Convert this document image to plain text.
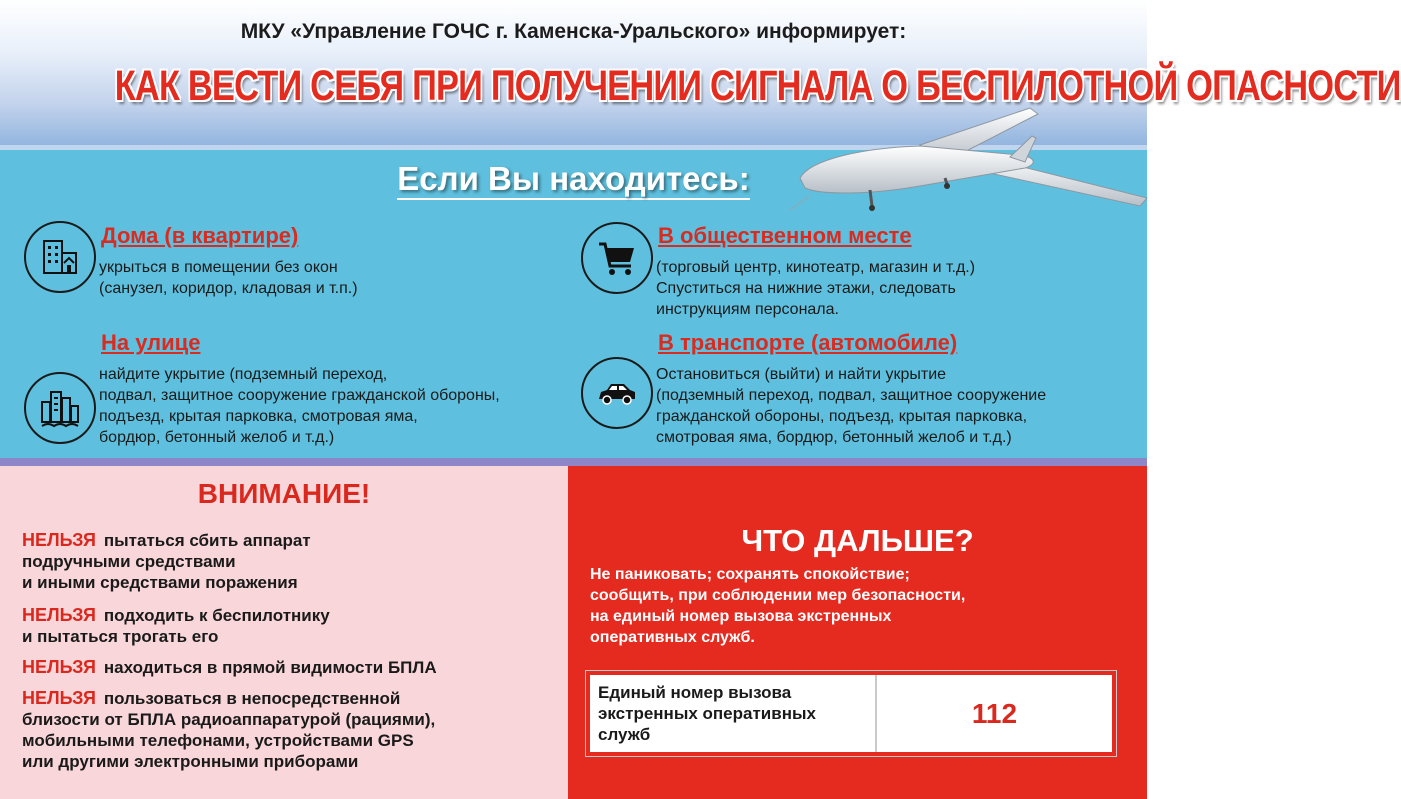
МКУ «Управление ГОЧС г. Каменска-Уральского» информирует:
КАК ВЕСТИ СЕБЯ ПРИ ПОЛУЧЕНИИ СИГНАЛА О БЕСПИЛОТНОЙ ОПАСНОСТИ
Если Вы находитесь:
Дома (в квартире)
укрыться в помещении без окон
(санузел, коридор, кладовая и т.п.)
На улице
найдите укрытие (подземный переход,
подвал, защитное сооружение гражданской обороны,
подъезд, крытая парковка, смотровая яма,
бордюр, бетонный желоб и т.д.)
В общественном месте
(торговый центр, кинотеатр, магазин и т.д.)
Спуститься на нижние этажи, следовать
инструкциям персонала.
В транспорте (автомобиле)
Остановиться (выйти) и найти укрытие
(подземный переход, подвал, защитное сооружение
гражданской обороны, подъезд, крытая парковка,
смотровая яма, бордюр, бетонный желоб и т.д.)
ВНИМАНИЕ!
НЕЛЬЗЯ пытаться сбить аппарат
подручными средствами
и иными средствами поражения
НЕЛЬЗЯ подходить к беспилотнику
и пытаться трогать его
НЕЛЬЗЯ находиться в прямой видимости БПЛА
НЕЛЬЗЯ пользоваться в непосредственной
близости от БПЛА радиоаппаратурой (рациями),
мобильными телефонами, устройствами GPS
или другими электронными приборами
ЧТО ДАЛЬШЕ?
Не паниковать; сохранять спокойствие;
сообщить, при соблюдении мер безопасности,
на единый номер вызова экстренных
оперативных служб.
Единый номер вызова экстренных оперативных служб
112
